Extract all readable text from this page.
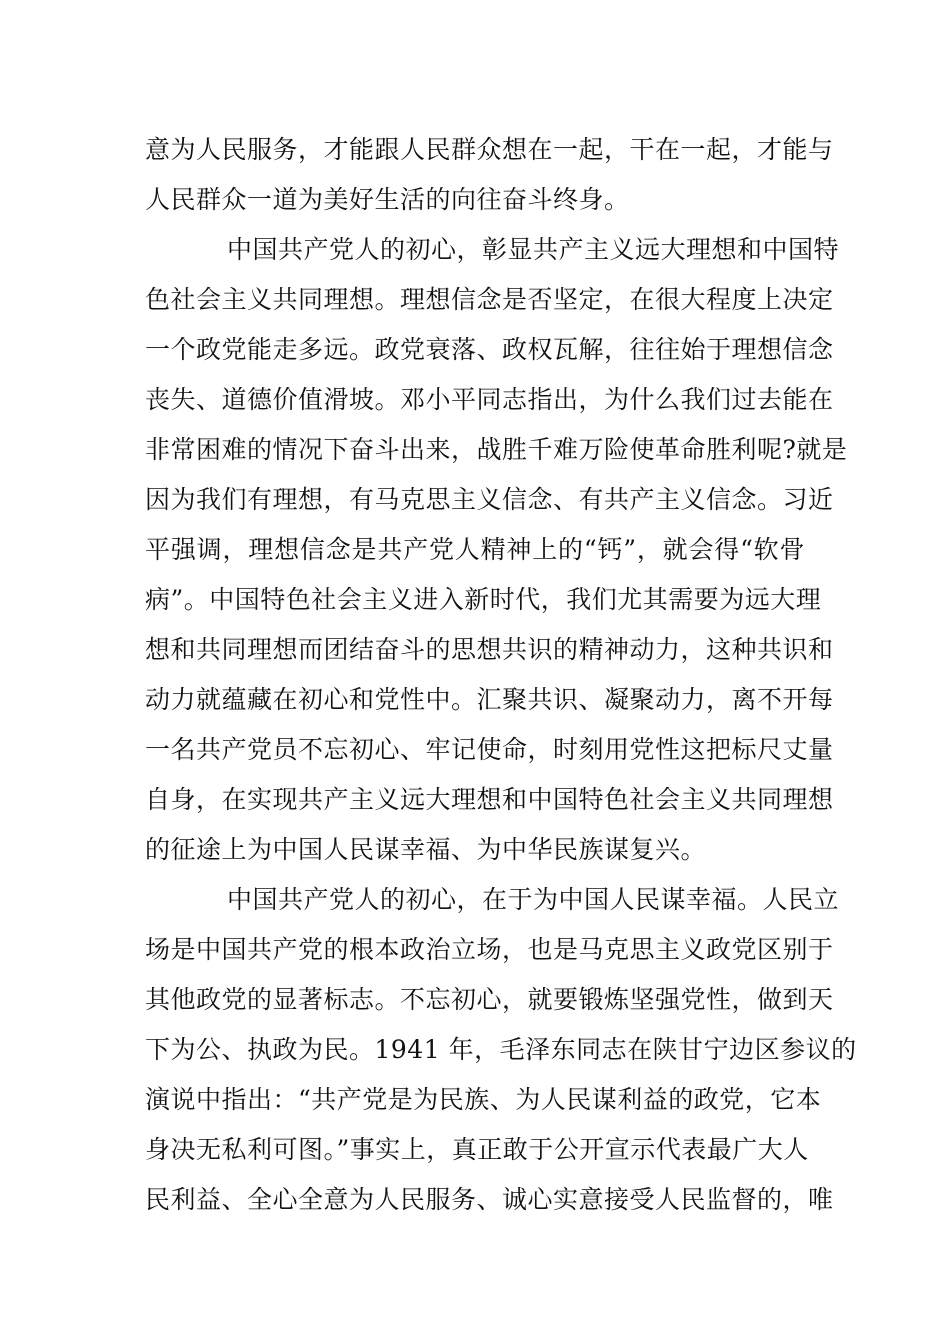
意为人民服务，才能跟人民群众想在一起，干在一起，才能与
人民群众一道为美好生活的向往奋斗终身。
中国共产党人的初心，彰显共产主义远大理想和中国特
色社会主义共同理想。理想信念是否坚定，在很大程度上决定
一个政党能走多远。政党衰落、政权瓦解，往往始于理想信念
丧失、道德价值滑坡。邓小平同志指出，为什么我们过去能在
非常困难的情况下奋斗出来，战胜千难万险使革命胜利呢?就是
因为我们有理想，有马克思主义信念、有共产主义信念。习近
平强调，理想信念是共产党人精神上的“钙”，就会得“软骨
病”。中国特色社会主义进入新时代，我们尤其需要为远大理
想和共同理想而团结奋斗的思想共识的精神动力，这种共识和
动力就蕴藏在初心和党性中。汇聚共识、凝聚动力，离不开每
一名共产党员不忘初心、牢记使命，时刻用党性这把标尺丈量
自身，在实现共产主义远大理想和中国特色社会主义共同理想
的征途上为中国人民谋幸福、为中华民族谋复兴。
中国共产党人的初心，在于为中国人民谋幸福。人民立
场是中国共产党的根本政治立场，也是马克思主义政党区别于
其他政党的显著标志。不忘初心，就要锻炼坚强党性，做到天
下为公、执政为民。1941 年，毛泽东同志在陕甘宁边区参议的
演说中指出：“共产党是为民族、为人民谋利益的政党，它本
身决无私利可图。”事实上，真正敢于公开宣示代表最广大人
民利益、全心全意为人民服务、诚心实意接受人民监督的，唯
